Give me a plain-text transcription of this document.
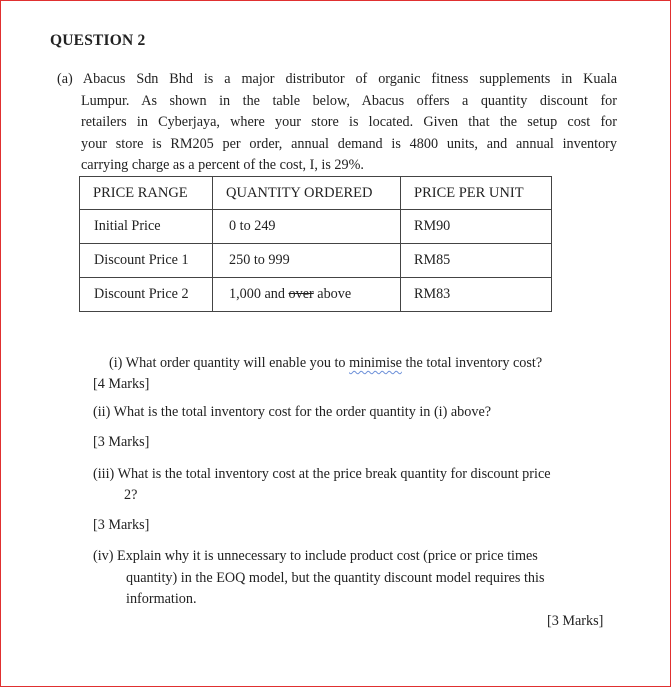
QUESTION 2
(a) Abacus Sdn Bhd is a major distributor of organic fitness supplements in Kuala
Lumpur. As shown in the table below, Abacus offers a quantity discount for
retailers in Cyberjaya, where your store is located. Given that the setup cost for
your store is RM205 per order, annual demand is 4800 units, and annual inventory
carrying charge as a percent of the cost, I, is 29%.
PRICE RANGE	QUANTITY ORDERED	PRICE PER UNIT
Initial Price	0 to 249	RM90
Discount Price 1	250 to 999	RM85
Discount Price 2	1,000 and over above	RM83
(i) What order quantity will enable you to minimise the total inventory cost?
[4 Marks]
(ii) What is the total inventory cost for the order quantity in (i) above?
[3 Marks]
(iii) What is the total inventory cost at the price break quantity for discount price
2?
[3 Marks]
(iv) Explain why it is unnecessary to include product cost (price or price times
quantity) in the EOQ model, but the quantity discount model requires this
information.
[3 Marks]
